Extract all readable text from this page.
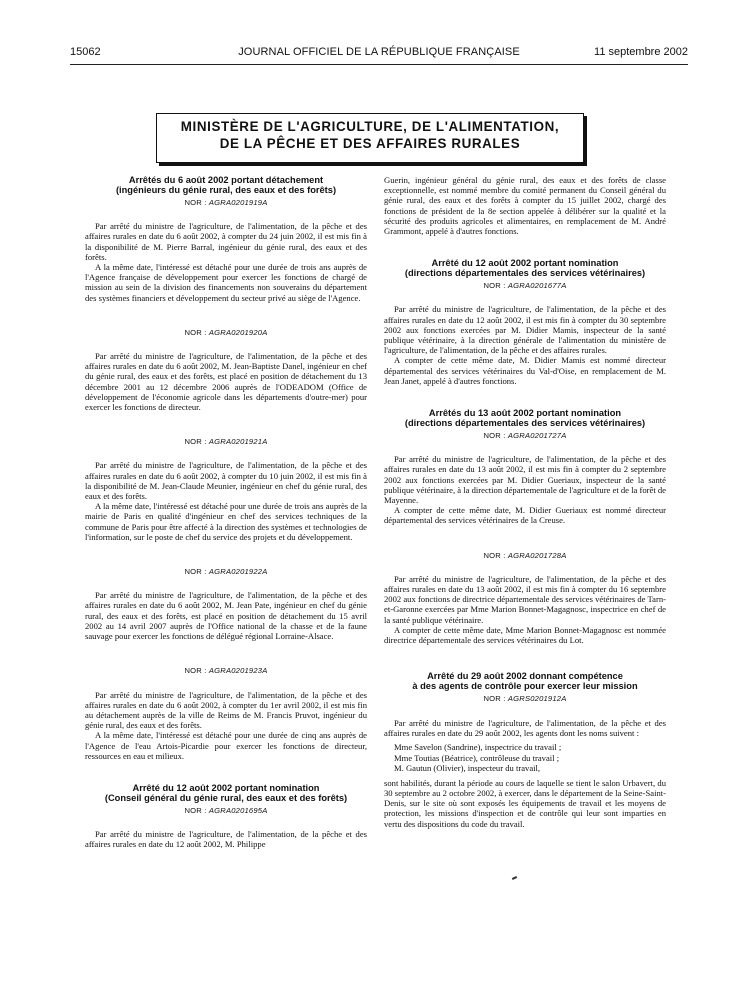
15062	JOURNAL OFFICIEL DE LA RÉPUBLIQUE FRANÇAISE	11 septembre 2002
MINISTÈRE DE L'AGRICULTURE, DE L'ALIMENTATION,
DE LA PÊCHE ET DES AFFAIRES RURALES
Arrêtés du 6 août 2002 portant détachement
(ingénieurs du génie rural, des eaux et des forêts)
NOR : AGRA0201919A

Par arrêté du ministre de l'agriculture, de l'alimentation, de la pêche et des affaires rurales en date du 6 août 2002, à compter du 24 juin 2002, il est mis fin à la disponibilité de M. Pierre Barral, ingénieur du génie rural, des eaux et des forêts.

A la même date, l'intéressé est détaché pour une durée de trois ans auprès de l'Agence française de développement pour exercer les fonctions de chargé de mission au sein de la division des financements non souverains du département des systèmes financiers et développement du secteur privé au siège de l'Agence.

NOR : AGRA0201920A

Par arrêté du ministre de l'agriculture, de l'alimentation, de la pêche et des affaires rurales en date du 6 août 2002, M. Jean-Baptiste Danel, ingénieur en chef du génie rural, des eaux et des forêts, est placé en position de détachement du 13 décembre 2001 au 12 décembre 2006 auprès de l'ODEADOM (Office de développement de l'économie agricole dans les départements d'outre-mer) pour exercer les fonctions de directeur.

NOR : AGRA0201921A

Par arrêté du ministre de l'agriculture, de l'alimentation, de la pêche et des affaires rurales en date du 6 août 2002, à compter du 10 juin 2002, il est mis fin à la disponibilité de M. Jean-Claude Meunier, ingénieur en chef du génie rural, des eaux et des forêts.

A la même date, l'intéressé est détaché pour une durée de trois ans auprès de la mairie de Paris en qualité d'ingénieur en chef des services techniques de la commune de Paris pour être affecté à la direction des systèmes et technologies de l'information, sur le poste de chef du service des projets et du développement.

NOR : AGRA0201922A

Par arrêté du ministre de l'agriculture, de l'alimentation, de la pêche et des affaires rurales en date du 6 août 2002, M. Jean Pate, ingénieur en chef du génie rural, des eaux et des forêts, est placé en position de détachement du 15 avril 2002 au 14 avril 2007 auprès de l'Office national de la chasse et de la faune sauvage pour exercer les fonctions de délégué régional Lorraine-Alsace.

NOR : AGRA0201923A

Par arrêté du ministre de l'agriculture, de l'alimentation, de la pêche et des affaires rurales en date du 6 août 2002, à compter du 1er avril 2002, il est mis fin au détachement auprès de la ville de Reims de M. Francis Pruvot, ingénieur du génie rural, des eaux et des forêts.

A la même date, l'intéressé est détaché pour une durée de cinq ans auprès de l'Agence de l'eau Artois-Picardie pour exercer les fonctions de directeur, ressources en eau et milieux.

Arrêté du 12 août 2002 portant nomination
(Conseil général du génie rural, des eaux et des forêts)
NOR : AGRA0201695A

Par arrêté du ministre de l'agriculture, de l'alimentation, de la pêche et des affaires rurales en date du 12 août 2002, M. Philippe

Guerin, ingénieur général du génie rural, des eaux et des forêts de classe exceptionnelle, est nommé membre du comité permanent du Conseil général du génie rural, des eaux et des forêts à compter du 15 juillet 2002, chargé des fonctions de président de la 8e section appelée à délibérer sur la qualité et la sécurité des produits agricoles et alimentaires, en remplacement de M. André Grammont, appelé à d'autres fonctions.

Arrêté du 12 août 2002 portant nomination
(directions départementales des services vétérinaires)
NOR : AGRA0201677A

Par arrêté du ministre de l'agriculture, de l'alimentation, de la pêche et des affaires rurales en date du 12 août 2002, il est mis fin à compter du 30 septembre 2002 aux fonctions exercées par M. Didier Mamis, inspecteur de la santé publique vétérinaire, à la direction générale de l'alimentation du ministère de l'agriculture, de l'alimentation, de la pêche et des affaires rurales.

A compter de cette même date, M. Didier Mamis est nommé directeur départemental des services vétérinaires du Val-d'Oise, en remplacement de M. Jean Janet, appelé à d'autres fonctions.

Arrêtés du 13 août 2002 portant nomination
(directions départementales des services vétérinaires)
NOR : AGRA0201727A

Par arrêté du ministre de l'agriculture, de l'alimentation, de la pêche et des affaires rurales en date du 13 août 2002, il est mis fin à compter du 2 septembre 2002 aux fonctions exercées par M. Didier Gueriaux, inspecteur de la santé publique vétérinaire, à la direction départementale de l'agriculture et de la forêt de Mayenne.

A compter de cette même date, M. Didier Gueriaux est nommé directeur départemental des services vétérinaires de la Creuse.

NOR : AGRA0201728A

Par arrêté du ministre de l'agriculture, de l'alimentation, de la pêche et des affaires rurales en date du 13 août 2002, il est mis fin à compter du 16 septembre 2002 aux fonctions de directrice départementale des services vétérinaires de Tarn-et-Garonne exercées par Mme Marion Bonnet-Magagnosc, inspectrice en chef de la santé publique vétérinaire.

A compter de cette même date, Mme Marion Bonnet-Magagnosc est nommée directrice départementale des services vétérinaires du Lot.

Arrêté du 29 août 2002 donnant compétence
à des agents de contrôle pour exercer leur mission
NOR : AGRS0201912A

Par arrêté du ministre de l'agriculture, de l'alimentation, de la pêche et des affaires rurales en date du 29 août 2002, les agents dont les noms suivent :

Mme Savelon (Sandrine), inspectrice du travail ;
Mme Toutias (Béatrice), contrôleuse du travail ;
M. Gautun (Olivier), inspecteur du travail,

sont habilités, durant la période au cours de laquelle se tient le salon Urbavert, du 30 septembre au 2 octobre 2002, à exercer, dans le département de la Seine-Saint-Denis, sur le site où sont exposés les équipements de travail et les moyens de protection, les missions d'inspection et de contrôle qui leur sont imparties en vertu des dispositions du code du travail.
